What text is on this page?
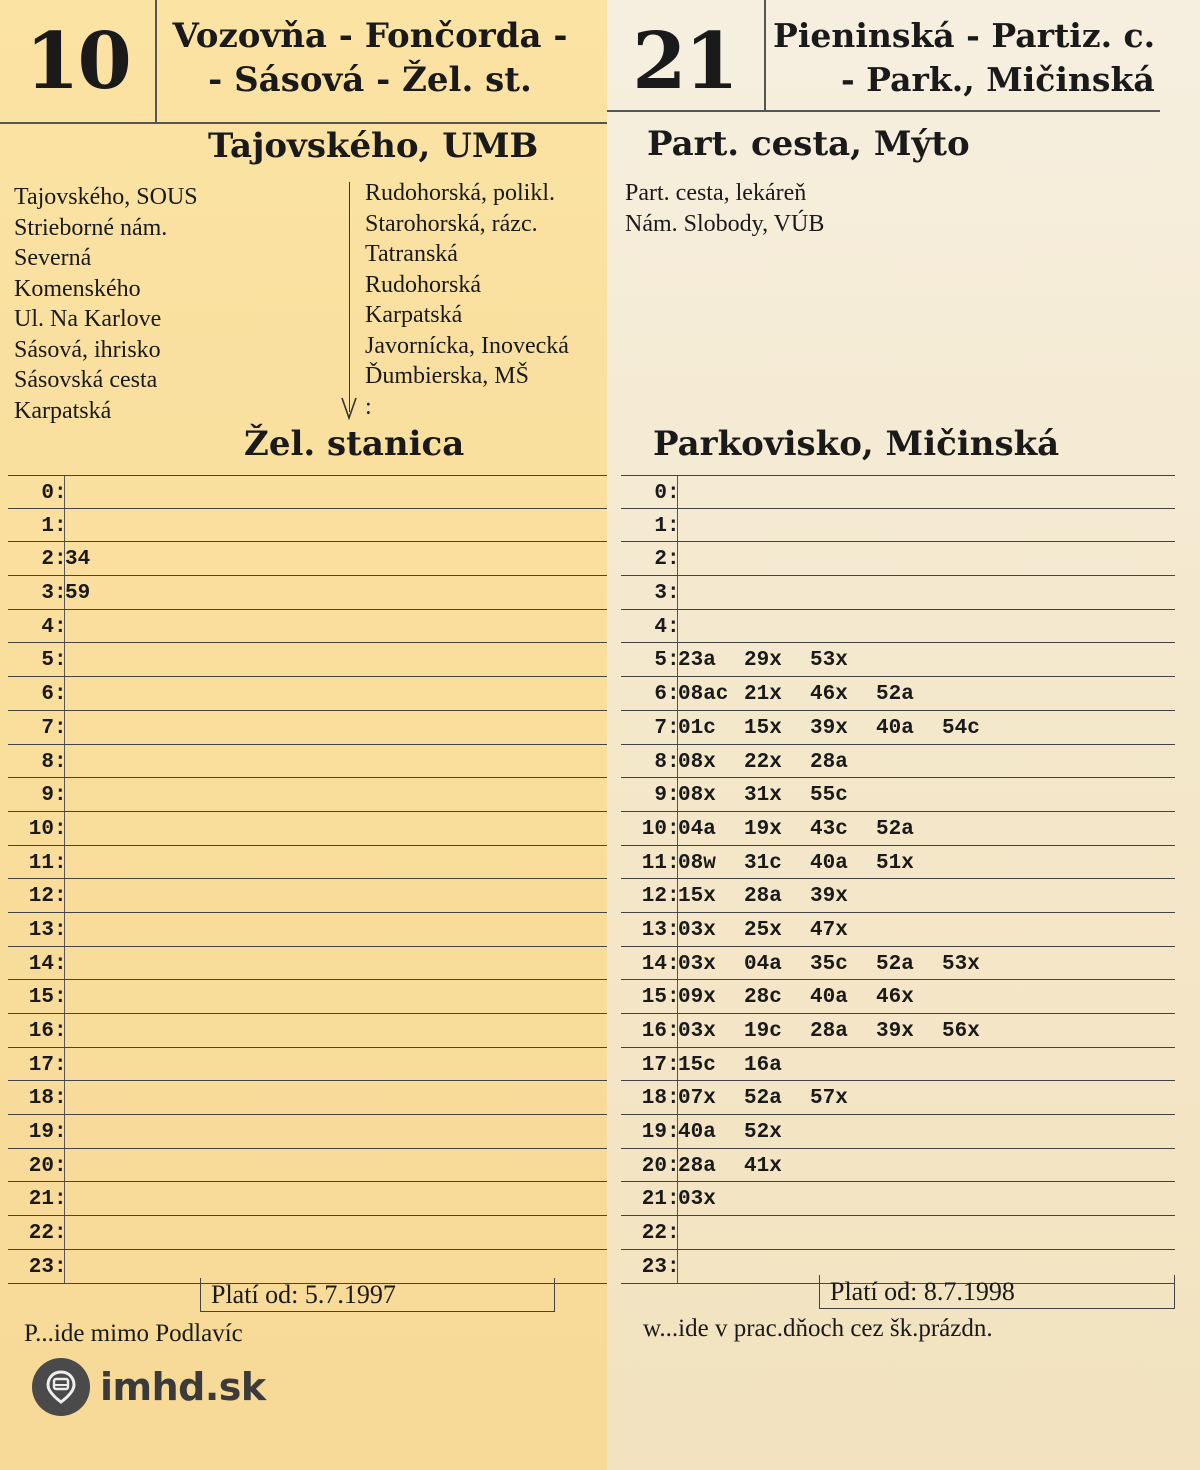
10	Vozovňa - Fončorda -
- Sásová - Žel. st.
Tajovského, UMB
Tajovského, SOUS
Strieborné nám.
Severná
Komenského
Ul. Na Karlove
Sásová, ihrisko
Sásovská cesta
Karpatská
Rudohorská, polikl.
Starohorská, rázc.
Tatranská
Rudohorská
Karpatská
Javornícka, Inovecká
Ďumbierska, MŠ
:
Žel. stanica
0 :
1 :
2 :
34
3 :
59
4 :
5 :
6 :
7 :
8 :
9 :
10 :
11 :
12 :
13 :
14 :
15 :
16 :
17 :
18 :
19 :
20 :
21 :
22 :
23 :
Platí od: 5.7.1997
P...ide mimo Podlavíc
21	Pieninská - Partiz. c.
- Park., Mičinská
Part. cesta, Mýto
Part. cesta, lekáreň
Nám. Slobody, VÚB
Parkovisko, Mičinská
0 :
1 :
2 :
3 :
4 :
5 :
23a 29x 53x
6 :
08ac 21x 46x 52a
7 :
01c 15x 39x 40a 54c
8 :
08x 22x 28a
9 :
08x 31x 55c
10 :
04a 19x 43c 52a
11 :
08w 31c 40a 51x
12 :
15x 28a 39x
13 :
03x 25x 47x
14 :
03x 04a 35c 52a 53x
15 :
09x 28c 40a 46x
16 :
03x 19c 28a 39x 56x
17 :
15c 16a
18 :
07x 52a 57x
19 :
40a 52x
20 :
28a 41x
21 :
03x
22 :
23 :
Platí od: 8.7.1998
w...ide v prac.dňoch cez šk.prázdn.
imhd.sk
